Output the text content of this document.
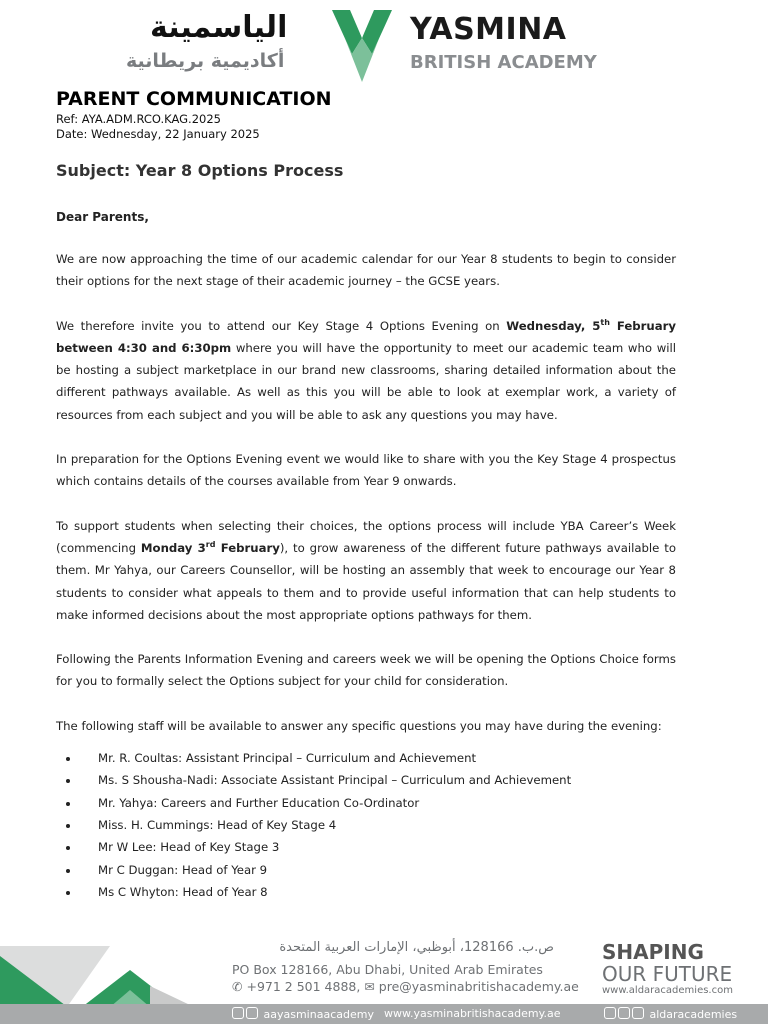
الياسمينة
أكاديمية بريطانية
YASMINA
BRITISH ACADEMY

PARENT COMMUNICATION

Ref: AYA.ADM.RCO.KAG.2025

Date: Wednesday, 22 January 2025

Subject: Year 8 Options Process

Dear Parents,

We are now approaching the time of our academic calendar for our Year 8 students to begin to consider their options for the next stage of their academic journey – the GCSE years.

We therefore invite you to attend our Key Stage 4 Options Evening on Wednesday, 5th February between 4:30 and 6:30pm where you will have the opportunity to meet our academic team who will be hosting a subject marketplace in our brand new classrooms, sharing detailed information about the different pathways available. As well as this you will be able to look at exemplar work, a variety of resources from each subject and you will be able to ask any questions you may have.

In preparation for the Options Evening event we would like to share with you the Key Stage 4 prospectus which contains details of the courses available from Year 9 onwards.

To support students when selecting their choices, the options process will include YBA Career’s Week (commencing Monday 3rd February), to grow awareness of the different future pathways available to them. Mr Yahya, our Careers Counsellor, will be hosting an assembly that week to encourage our Year 8 students to consider what appeals to them and to provide useful information that can help students to make informed decisions about the most appropriate options pathways for them.

Following the Parents Information Evening and careers week we will be opening the Options Choice forms for you to formally select the Options subject for your child for consideration.

The following staff will be available to answer any specific questions you may have during the evening:

• Mr. R. Coultas: Assistant Principal – Curriculum and Achievement
• Ms. S Shousha-Nadi: Associate Assistant Principal – Curriculum and Achievement
• Mr. Yahya: Careers and Further Education Co-Ordinator
• Miss. H. Cummings: Head of Key Stage 4
• Mr W Lee: Head of Key Stage 3
• Mr C Duggan: Head of Year 9
• Ms C Whyton: Head of Year 8
ص.ب. 128166، أبوظبي، الإمارات العربية المتحدة
PO Box 128166, Abu Dhabi, United Arab Emirates
✆ +971 2 501 4888, ✉ pre@yasminabritishacademy.ae
SHAPING
OUR FUTURE
www.aldaracademies.com
aayasminaacademy www.yasminabritishacademy.ae	aldaracademies
